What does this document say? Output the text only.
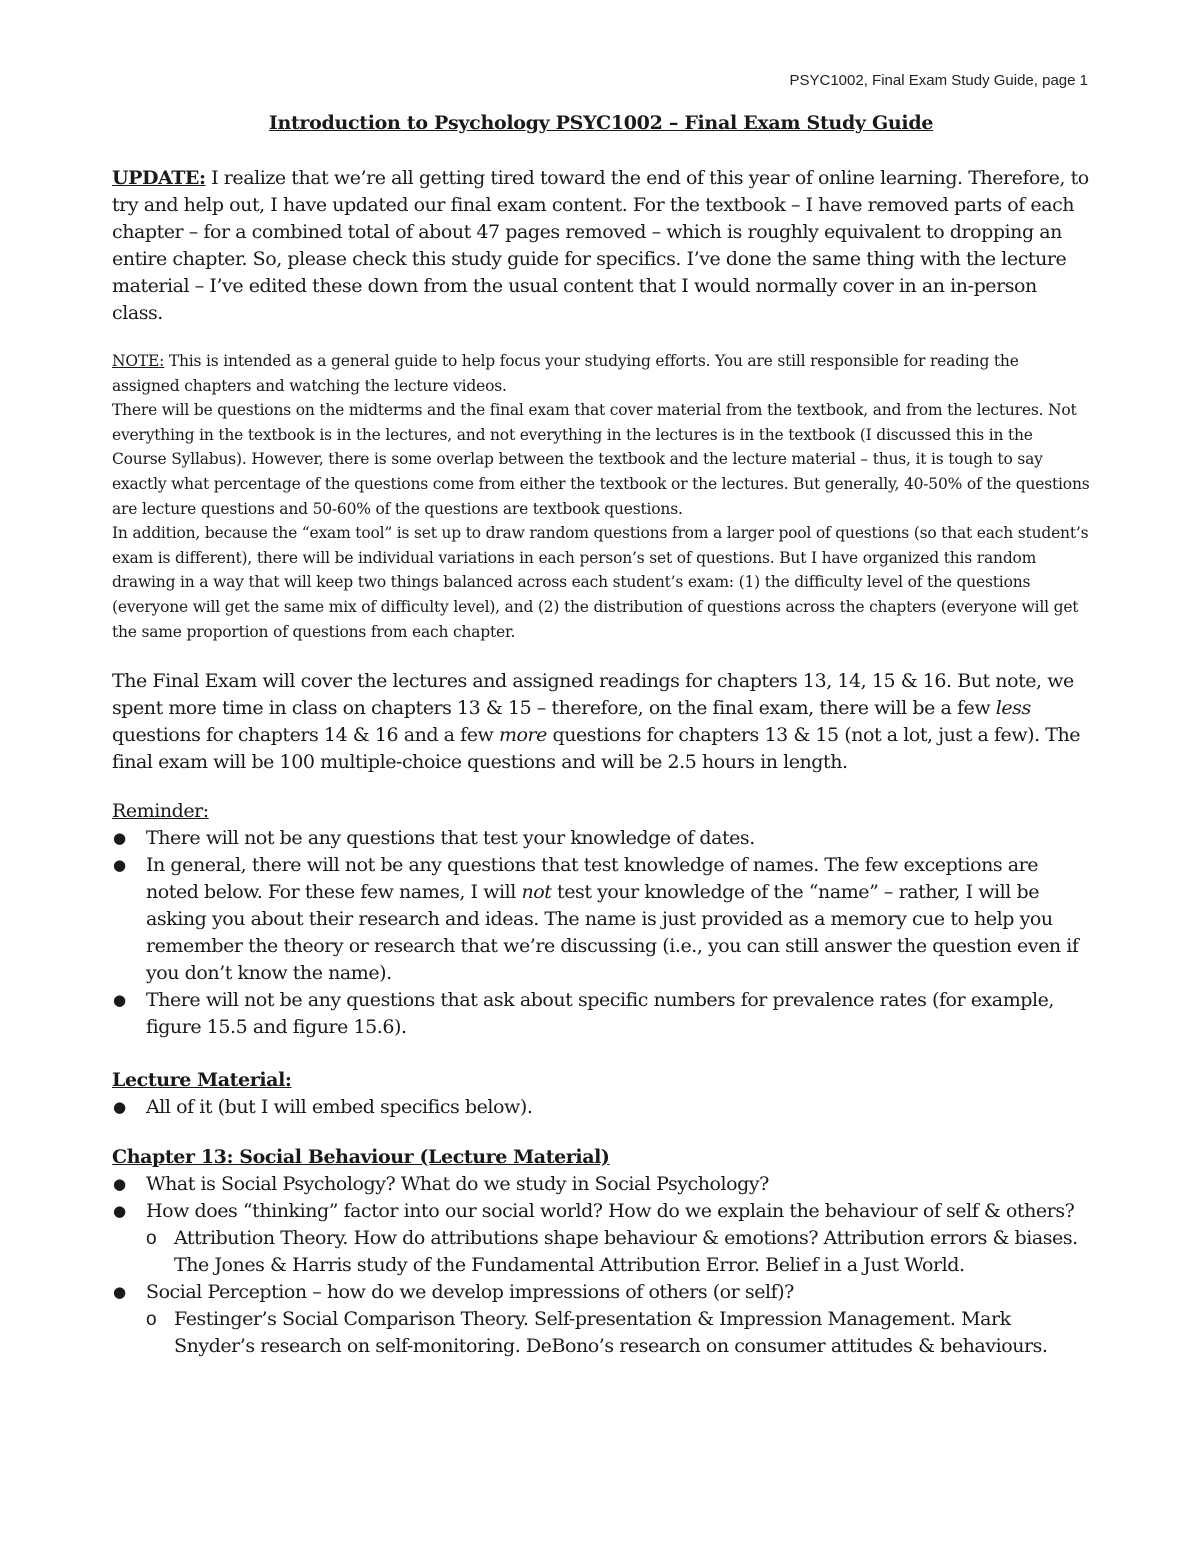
PSYC1002, Final Exam Study Guide, page 1

Introduction to Psychology PSYC1002 – Final Exam Study Guide

UPDATE: I realize that we’re all getting tired toward the end of this year of online learning. Therefore, to try and help out, I have updated our final exam content. For the textbook – I have removed parts of each chapter – for a combined total of about 47 pages removed – which is roughly equivalent to dropping an entire chapter. So, please check this study guide for specifics. I’ve done the same thing with the lecture material – I’ve edited these down from the usual content that I would normally cover in an in-person class.

NOTE: This is intended as a general guide to help focus your studying efforts. You are still responsible for reading the assigned chapters and watching the lecture videos.

There will be questions on the midterms and the final exam that cover material from the textbook, and from the lectures. Not everything in the textbook is in the lectures, and not everything in the lectures is in the textbook (I discussed this in the Course Syllabus). However, there is some overlap between the textbook and the lecture material – thus, it is tough to say exactly what percentage of the questions come from either the textbook or the lectures. But generally, 40-50% of the questions are lecture questions and 50-60% of the questions are textbook questions.

In addition, because the “exam tool” is set up to draw random questions from a larger pool of questions (so that each student’s exam is different), there will be individual variations in each person’s set of questions. But I have organized this random drawing in a way that will keep two things balanced across each student’s exam: (1) the difficulty level of the questions (everyone will get the same mix of difficulty level), and (2) the distribution of questions across the chapters (everyone will get the same proportion of questions from each chapter.

The Final Exam will cover the lectures and assigned readings for chapters 13, 14, 15 & 16. But note, we spent more time in class on chapters 13 & 15 – therefore, on the final exam, there will be a few less questions for chapters 14 & 16 and a few more questions for chapters 13 & 15 (not a lot, just a few). The final exam will be 100 multiple-choice questions and will be 2.5 hours in length.

Reminder:

● There will not be any questions that test your knowledge of dates.
● In general, there will not be any questions that test knowledge of names. The few exceptions are noted below. For these few names, I will not test your knowledge of the “name” – rather, I will be asking you about their research and ideas. The name is just provided as a memory cue to help you remember the theory or research that we’re discussing (i.e., you can still answer the question even if you don’t know the name).
● There will not be any questions that ask about specific numbers for prevalence rates (for example, figure 15.5 and figure 15.6).

Lecture Material:

● All of it (but I will embed specifics below).

Chapter 13: Social Behaviour (Lecture Material)

● What is Social Psychology? What do we study in Social Psychology?
● How does “thinking” factor into our social world? How do we explain the behaviour of self & others?
o Attribution Theory. How do attributions shape behaviour & emotions? Attribution errors & biases. The Jones & Harris study of the Fundamental Attribution Error. Belief in a Just World.
● Social Perception – how do we develop impressions of others (or self)?
o Festinger’s Social Comparison Theory. Self-presentation & Impression Management. Mark Snyder’s research on self-monitoring. DeBono’s research on consumer attitudes & behaviours.
